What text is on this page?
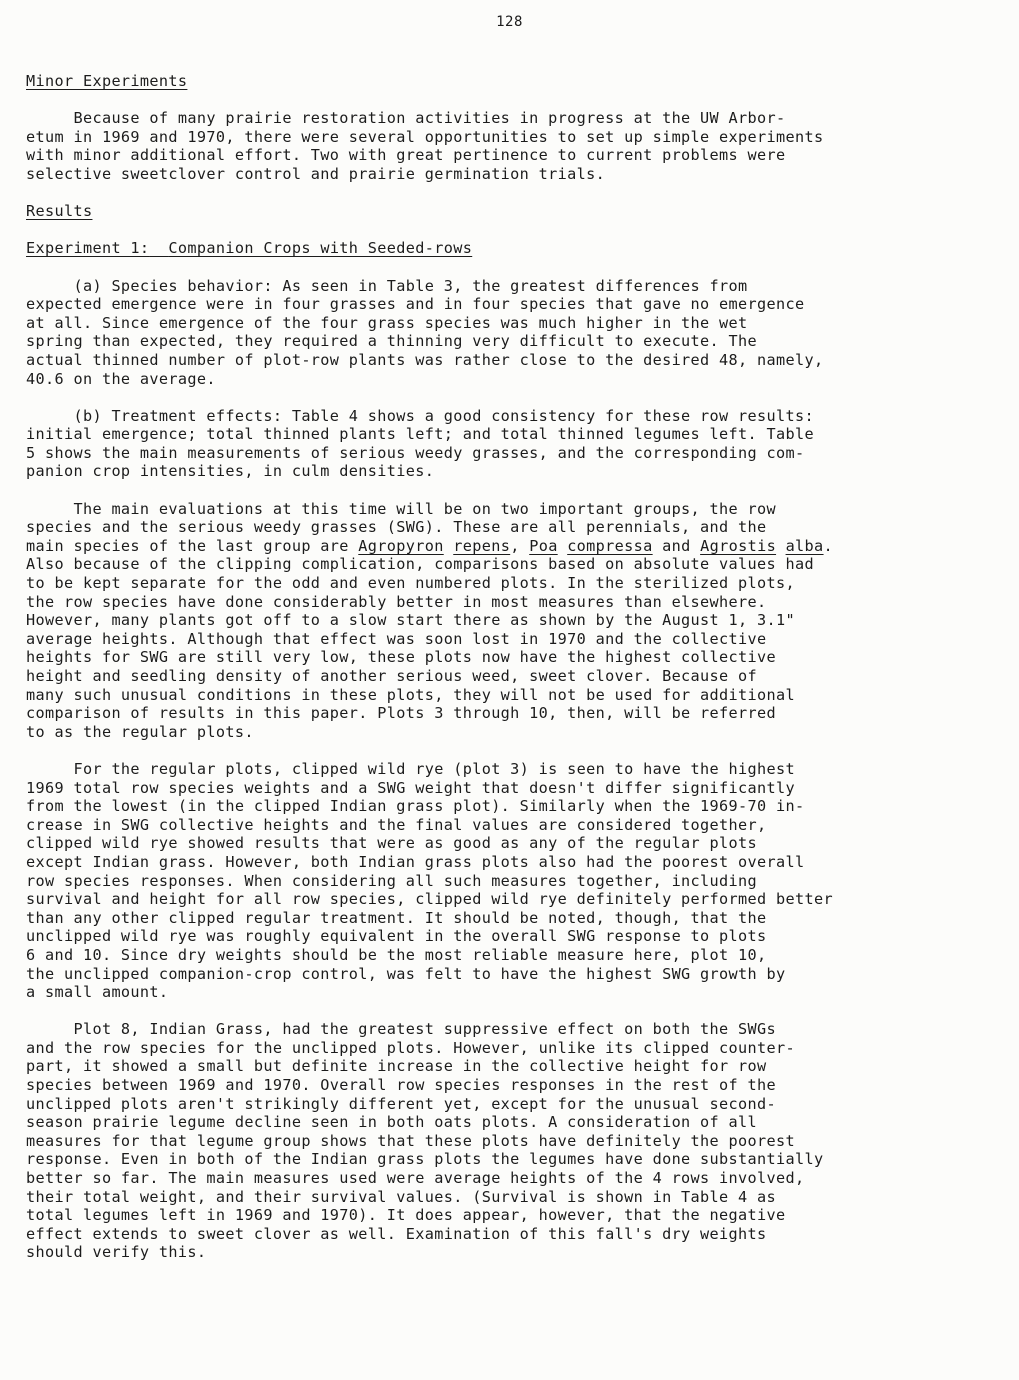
128
Minor Experiments
Because of many prairie restoration activities in progress at the UW Arbor-
etum in 1969 and 1970, there were several opportunities to set up simple experiments
with minor additional effort. Two with great pertinence to current problems were
selective sweetclover control and prairie germination trials.
Results
Experiment 1: Companion Crops with Seeded-rows
(a) Species behavior: As seen in Table 3, the greatest differences from
expected emergence were in four grasses and in four species that gave no emergence
at all. Since emergence of the four grass species was much higher in the wet
spring than expected, they required a thinning very difficult to execute. The
actual thinned number of plot-row plants was rather close to the desired 48, namely,
40.6 on the average.
(b) Treatment effects: Table 4 shows a good consistency for these row results:
initial emergence; total thinned plants left; and total thinned legumes left. Table
5 shows the main measurements of serious weedy grasses, and the corresponding com-
panion crop intensities, in culm densities.
The main evaluations at this time will be on two important groups, the row
species and the serious weedy grasses (SWG). These are all perennials, and the
main species of the last group are Agropyron repens, Poa compressa and Agrostis alba.
Also because of the clipping complication, comparisons based on absolute values had
to be kept separate for the odd and even numbered plots. In the sterilized plots,
the row species have done considerably better in most measures than elsewhere.
However, many plants got off to a slow start there as shown by the August 1, 3.1"
average heights. Although that effect was soon lost in 1970 and the collective
heights for SWG are still very low, these plots now have the highest collective
height and seedling density of another serious weed, sweet clover. Because of
many such unusual conditions in these plots, they will not be used for additional
comparison of results in this paper. Plots 3 through 10, then, will be referred
to as the regular plots.
For the regular plots, clipped wild rye (plot 3) is seen to have the highest
1969 total row species weights and a SWG weight that doesn't differ significantly
from the lowest (in the clipped Indian grass plot). Similarly when the 1969-70 in-
crease in SWG collective heights and the final values are considered together,
clipped wild rye showed results that were as good as any of the regular plots
except Indian grass. However, both Indian grass plots also had the poorest overall
row species responses. When considering all such measures together, including
survival and height for all row species, clipped wild rye definitely performed better
than any other clipped regular treatment. It should be noted, though, that the
unclipped wild rye was roughly equivalent in the overall SWG response to plots
6 and 10. Since dry weights should be the most reliable measure here, plot 10,
the unclipped companion-crop control, was felt to have the highest SWG growth by
a small amount.
Plot 8, Indian Grass, had the greatest suppressive effect on both the SWGs
and the row species for the unclipped plots. However, unlike its clipped counter-
part, it showed a small but definite increase in the collective height for row
species between 1969 and 1970. Overall row species responses in the rest of the
unclipped plots aren't strikingly different yet, except for the unusual second-
season prairie legume decline seen in both oats plots. A consideration of all
measures for that legume group shows that these plots have definitely the poorest
response. Even in both of the Indian grass plots the legumes have done substantially
better so far. The main measures used were average heights of the 4 rows involved,
their total weight, and their survival values. (Survival is shown in Table 4 as
total legumes left in 1969 and 1970). It does appear, however, that the negative
effect extends to sweet clover as well. Examination of this fall's dry weights
should verify this.
